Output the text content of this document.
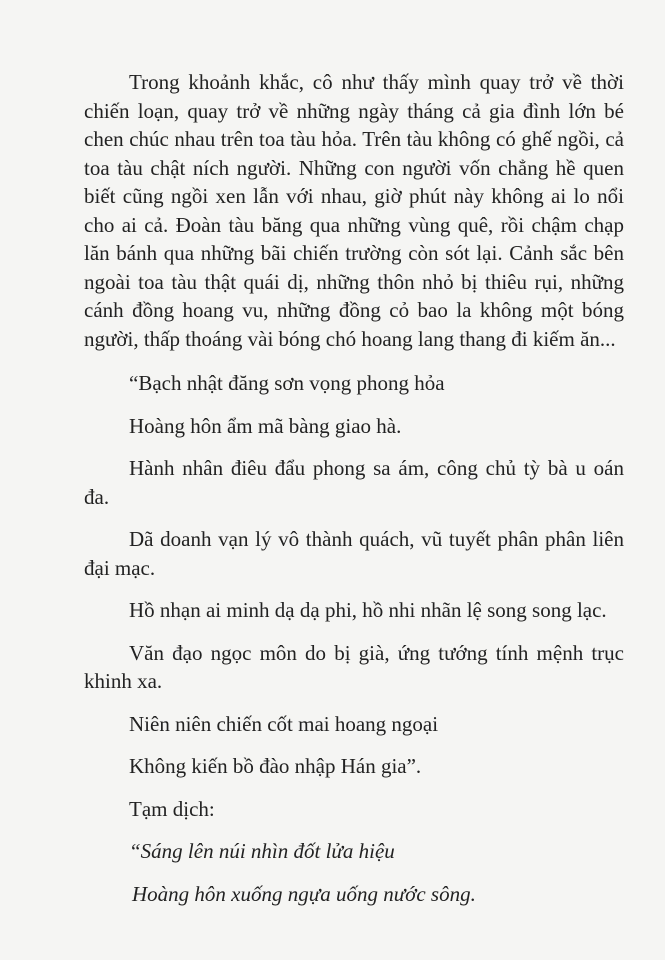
Trong khoảnh khắc, cô như thấy mình quay trở về thời chiến loạn, quay trở về những ngày tháng cả gia đình lớn bé chen chúc nhau trên toa tàu hỏa. Trên tàu không có ghế ngồi, cả toa tàu chật ních người. Những con người vốn chẳng hề quen biết cũng ngồi xen lẫn với nhau, giờ phút này không ai lo nổi cho ai cả. Đoàn tàu băng qua những vùng quê, rồi chậm chạp lăn bánh qua những bãi chiến trường còn sót lại. Cảnh sắc bên ngoài toa tàu thật quái dị, những thôn nhỏ bị thiêu rụi, những cánh đồng hoang vu, những đồng cỏ bao la không một bóng người, thấp thoáng vài bóng chó hoang lang thang đi kiếm ăn...

“Bạch nhật đăng sơn vọng phong hỏa

Hoàng hôn ẩm mã bàng giao hà.

Hành nhân điêu đẩu phong sa ám, công chủ tỳ bà u oán đa.

Dã doanh vạn lý vô thành quách, vũ tuyết phân phân liên đại mạc.

Hồ nhạn ai minh dạ dạ phi, hồ nhi nhãn lệ song song lạc.

Văn đạo ngọc môn do bị già, ứng tướng tính mệnh trục khinh xa.

Niên niên chiến cốt mai hoang ngoại

Không kiến bồ đào nhập Hán gia”.

Tạm dịch:

“Sáng lên núi nhìn đốt lửa hiệu

Hoàng hôn xuống ngựa uống nước sông.
